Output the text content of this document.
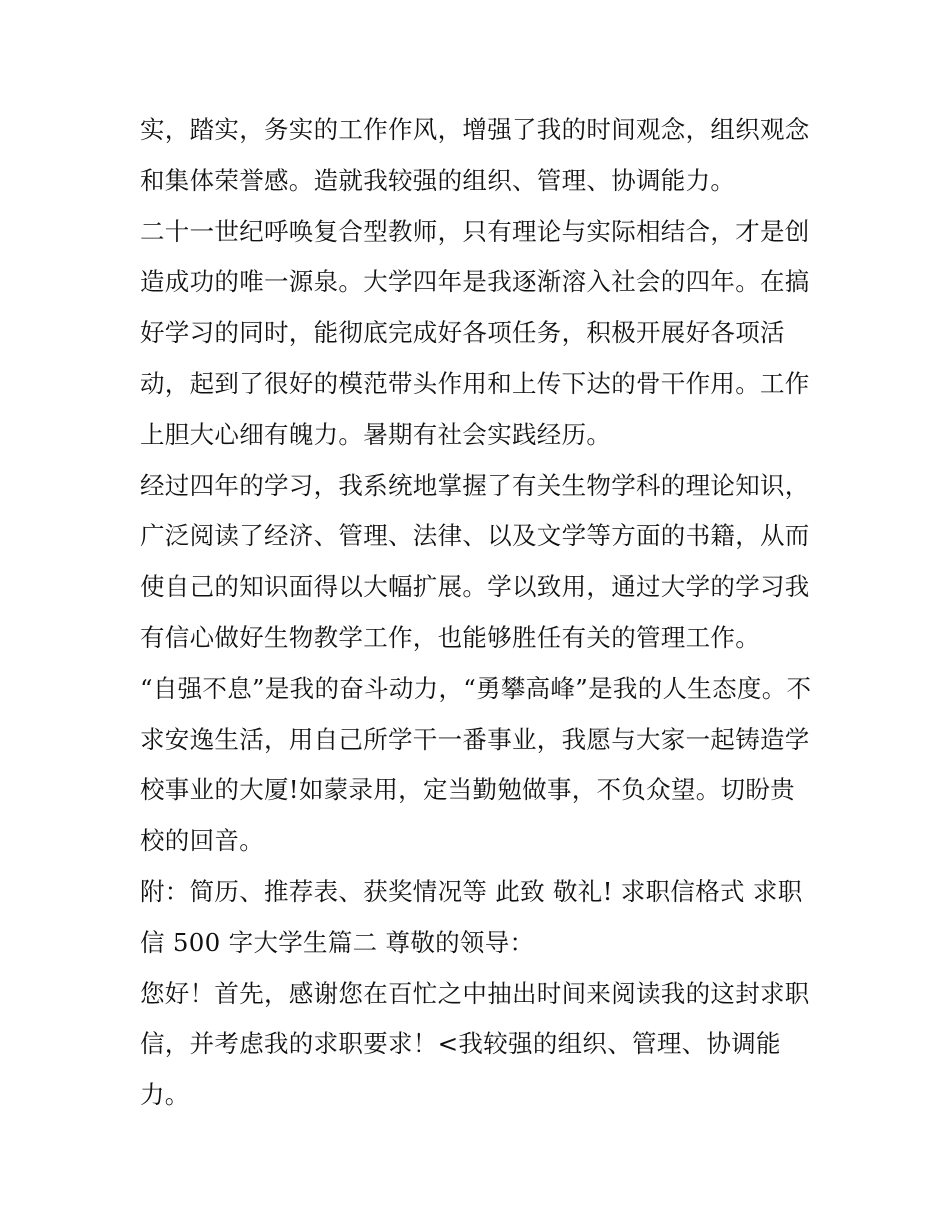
实，踏实，务实的工作作风，增强了我的时间观念，组织观念
和集体荣誉感。造就我较强的组织、管理、协调能力。
二十一世纪呼唤复合型教师，只有理论与实际相结合，才是创
造成功的唯一源泉。大学四年是我逐渐溶入社会的四年。在搞
好学习的同时，能彻底完成好各项任务，积极开展好各项活
动，起到了很好的模范带头作用和上传下达的骨干作用。工作
上胆大心细有魄力。暑期有社会实践经历。
经过四年的学习，我系统地掌握了有关生物学科的理论知识，
广泛阅读了经济、管理、法律、以及文学等方面的书籍，从而
使自己的知识面得以大幅扩展。学以致用，通过大学的学习我
有信心做好生物教学工作，也能够胜任有关的管理工作。
“自强不息”是我的奋斗动力，“勇攀高峰”是我的人生态度。不
求安逸生活，用自己所学干一番事业，我愿与大家一起铸造学
校事业的大厦!如蒙录用，定当勤勉做事，不负众望。切盼贵
校的回音。
附：简历、推荐表、获奖情况等 此致 敬礼! 求职信格式 求职
信 500 字大学生篇二 尊敬的领导：
您好！首先，感谢您在百忙之中抽出时间来阅读我的这封求职
信，并考虑我的求职要求！<我较强的组织、管理、协调能
力。
